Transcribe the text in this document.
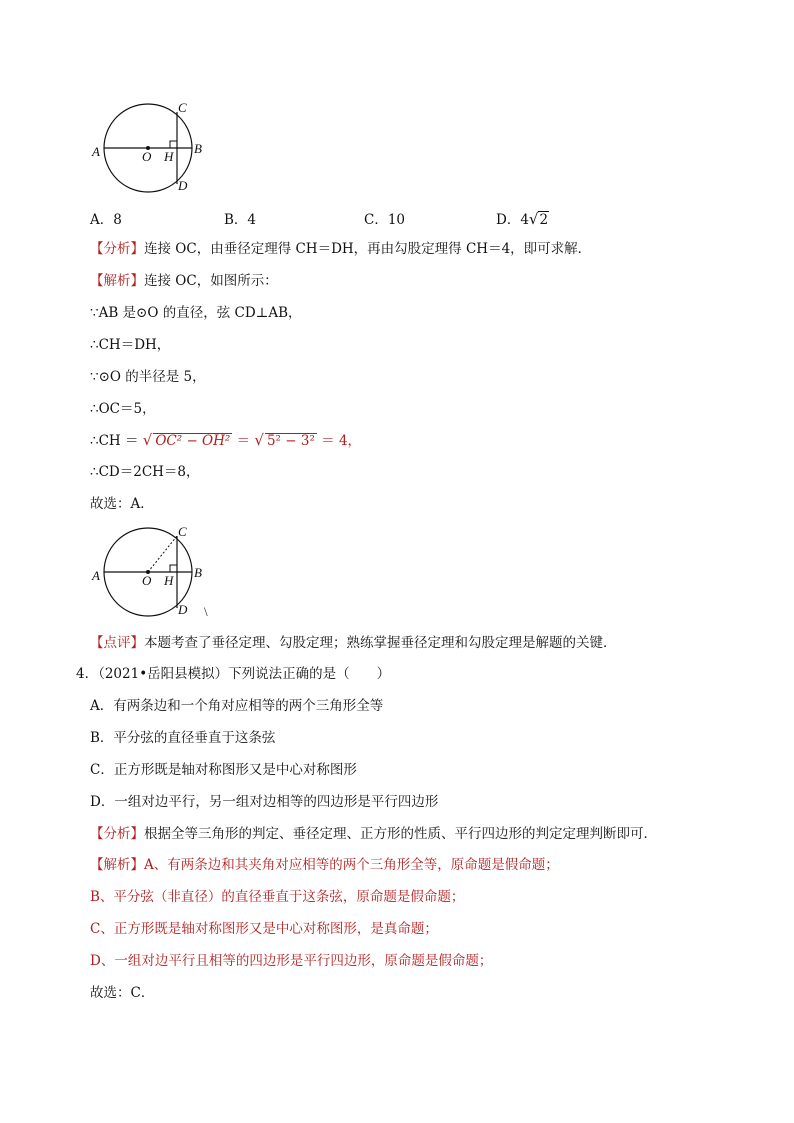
C
A	O H
B
D
A．8	B．4	C．10	D．4√2
【分析】连接 OC，由垂径定理得 CH＝DH，再由勾股定理得 CH＝4，即可求解．
【解析】连接 OC，如图所示：
∵AB 是⊙O 的直径，弦 CD⊥AB，
∴CH＝DH，
∵⊙O 的半径是 5，
∴OC＝5，
∴CH ＝ √ OC² − OH² ＝ √ 5² − 3² ＝ 4，
∴CD＝2CH＝8，
故选：A．
C
A	O H
B
D \
【点评】本题考查了垂径定理、勾股定理；熟练掌握垂径定理和勾股定理是解题的关键．
4．（2021•岳阳县模拟）下列说法正确的是（　　）
A．有两条边和一个角对应相等的两个三角形全等
B．平分弦的直径垂直于这条弦
C．正方形既是轴对称图形又是中心对称图形
D．一组对边平行，另一组对边相等的四边形是平行四边形
【分析】根据全等三角形的判定、垂径定理、正方形的性质、平行四边形的判定定理判断即可．
【解析】A、有两条边和其夹角对应相等的两个三角形全等，原命题是假命题；
B、平分弦（非直径）的直径垂直于这条弦，原命题是假命题；
C、正方形既是轴对称图形又是中心对称图形，是真命题；
D、一组对边平行且相等的四边形是平行四边形，原命题是假命题；
故选：C．
